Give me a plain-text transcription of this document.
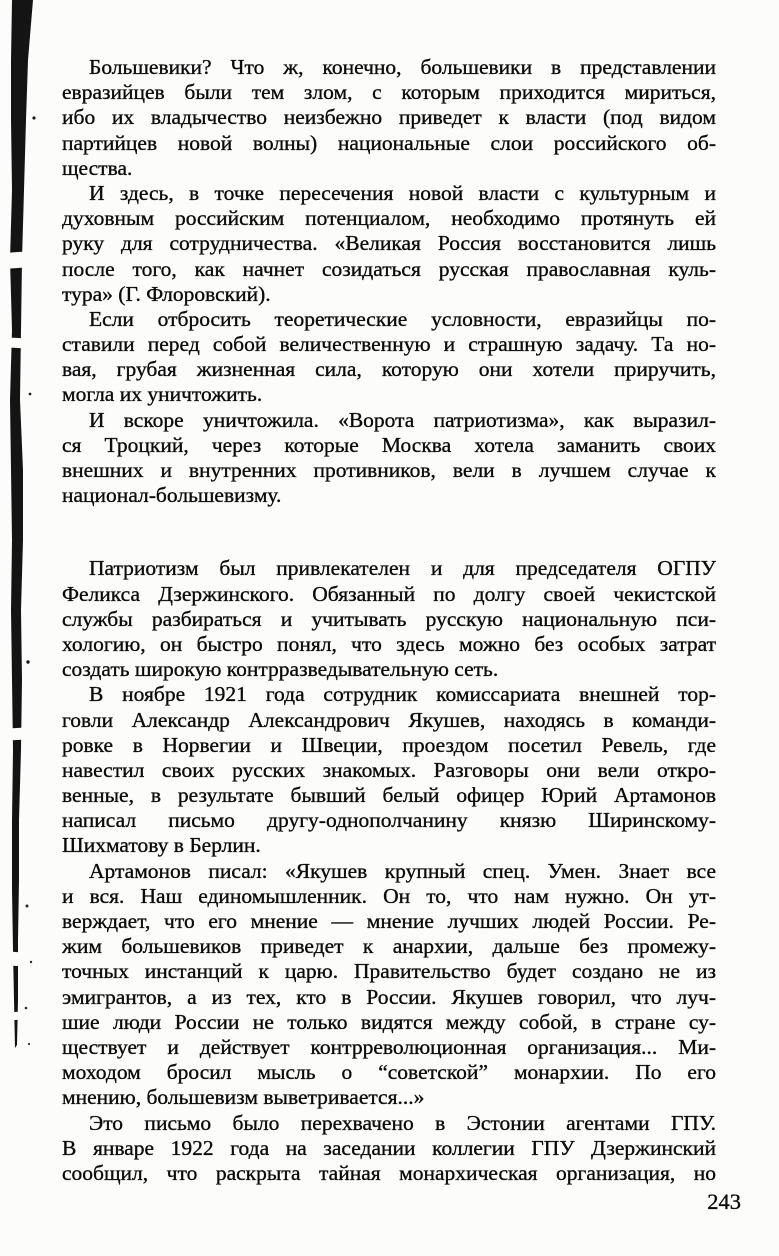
Большевики? Что ж, конечно, большевики в представлении
евразийцев были тем злом, с которым приходится мириться,
ибо их владычество неизбежно приведет к власти (под видом
партийцев новой волны) национальные слои российского об-
щества.
И здесь, в точке пересечения новой власти с культурным и
духовным российским потенциалом, необходимо протянуть ей
руку для сотрудничества. «Великая Россия восстановится лишь
после того, как начнет созидаться русская православная куль-
тура» (Г. Флоровский).
Если отбросить теоретические условности, евразийцы по-
ставили перед собой величественную и страшную задачу. Та но-
вая, грубая жизненная сила, которую они хотели приручить,
могла их уничтожить.
И вскоре уничтожила. «Ворота патриотизма», как выразил-
ся Троцкий, через которые Москва хотела заманить своих
внешних и внутренних противников, вели в лучшем случае к
национал-большевизму.
Патриотизм был привлекателен и для председателя ОГПУ
Феликса Дзержинского. Обязанный по долгу своей чекистской
службы разбираться и учитывать русскую национальную пси-
хологию, он быстро понял, что здесь можно без особых затрат
создать широкую контрразведывательную сеть.
В ноябре 1921 года сотрудник комиссариата внешней тор-
говли Александр Александрович Якушев, находясь в команди-
ровке в Норвегии и Швеции, проездом посетил Ревель, где
навестил своих русских знакомых. Разговоры они вели откро-
венные, в результате бывший белый офицер Юрий Артамонов
написал письмо другу-однополчанину князю Ширинскому-
Шихматову в Берлин.
Артамонов писал: «Якушев крупный спец. Умен. Знает все
и вся. Наш единомышленник. Он то, что нам нужно. Он ут-
верждает, что его мнение — мнение лучших людей России. Ре-
жим большевиков приведет к анархии, дальше без промежу-
точных инстанций к царю. Правительство будет создано не из
эмигрантов, а из тех, кто в России. Якушев говорил, что луч-
шие люди России не только видятся между собой, в стране су-
ществует и действует контрреволюционная организация... Ми-
моходом бросил мысль о “советской” монархии. По его
мнению, большевизм выветривается...»
Это письмо было перехвачено в Эстонии агентами ГПУ.
В январе 1922 года на заседании коллегии ГПУ Дзержинский
сообщил, что раскрыта тайная монархическая организация, но
243
